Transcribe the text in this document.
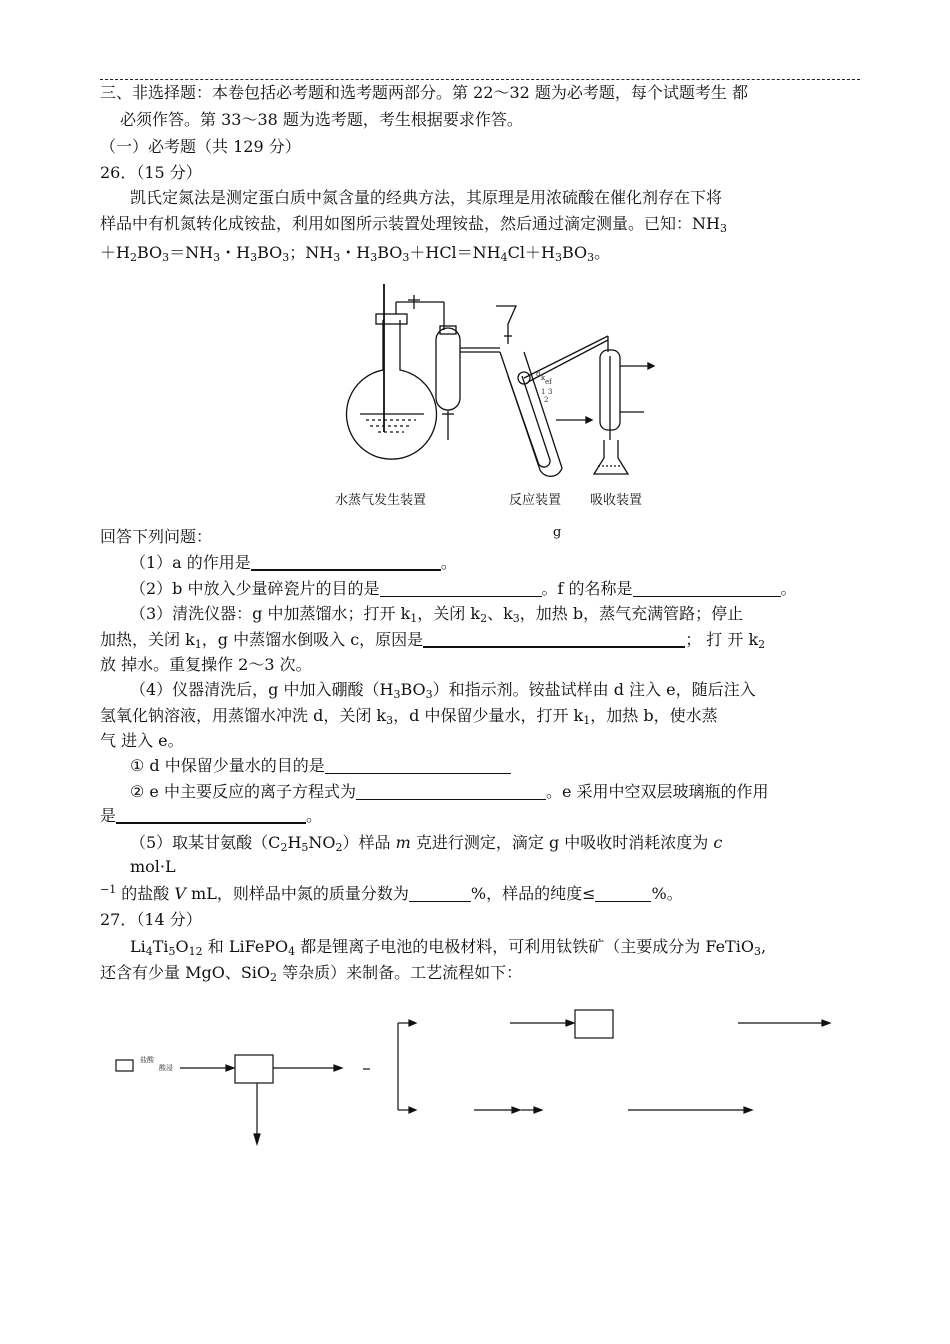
三、非选择题：本卷包括必考题和选考题两部分。第 22～32 题为必考题，每个试题考生 都
必须作答。第 33～38 题为选考题，考生根据要求作答。
（一）必考题（共 129 分）
26．（15 分）
凯氏定氮法是测定蛋白质中氮含量的经典方法，其原理是用浓硫酸在催化剂存在下将
样品中有机氮转化成铵盐，利用如图所示装置处理铵盐，然后通过滴定测量。已知：$NH_3$
$+H_2BO_3=NH_3$・$H_3BO_3$；$NH_3$・$H_3BO_3+HCl=NH_4Cl+H_3BO_3$。
d k ef
1 3
2
水蒸气发生装置	反应装置 吸收装置
g
回答下列问题：
（1）a 的作用是	。
（2）b 中放入少量碎瓷片的目的是	。f 的名称是	。
（3）清洗仪器：g 中加蒸馏水；打开 $k_1$，关闭 $k_2$、$k_3$，加热 b，蒸气充满管路；停止
加热，关闭 $k_1$，g 中蒸馏水倒吸入 c，原因是	； 打 开 $k_2$
放 掉水。重复操作 2～3 次。
（4）仪器清洗后，g 中加入硼酸$(H_3BO_3)$和指示剂。铵盐试样由 d 注入 e，随后注入
氢氧化钠溶液，用蒸馏水冲洗 d，关闭 $k_3$，d 中保留少量水，打开 $k_1$，加热 b，使水蒸
气 进入 e。
① d 中保留少量水的目的是
② e 中主要反应的离子方程式为	。e 采用中空双层玻璃瓶的作用
是	。
（5）取某甘氨酸$(C_2H_5NO_2)$样品 m 克进行测定，滴定 g 中吸收时消耗浓度为 c
mol·L
$^{-1}$ 的盐酸 V mL，则样品中氮的质量分数为	%，样品的纯度≤	%。
27．（14 分）
$Li_4Ti_5O_{12}$ 和 LiFePO$_4$ 都是锂离子电池的电极材料，可利用钛铁矿（主要成分为 FeTiO$_3$,
还含有少量 MgO、SiO$_2$ 等杂质）来制备。工艺流程如下：
盐酸
酸浸
